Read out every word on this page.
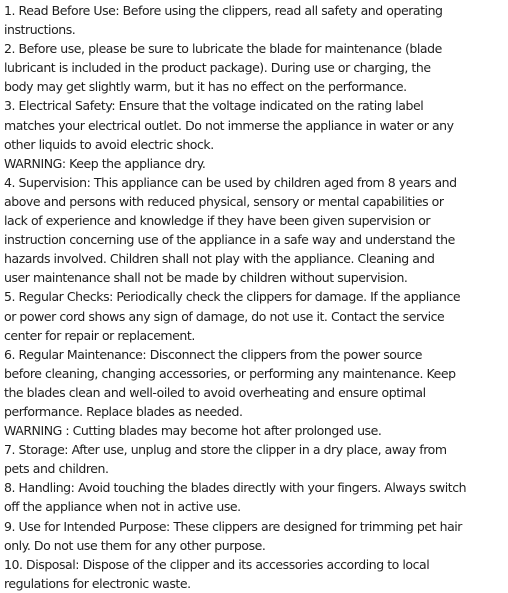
1. Read Before Use: Before using the clippers, read all safety and operating
instructions.
2. Before use, please be sure to lubricate the blade for maintenance (blade
lubricant is included in the product package). During use or charging, the
body may get slightly warm, but it has no effect on the performance.
3. Electrical Safety: Ensure that the voltage indicated on the rating label
matches your electrical outlet. Do not immerse the appliance in water or any
other liquids to avoid electric shock.
WARNING: Keep the appliance dry.
4. Supervision: This appliance can be used by children aged from 8 years and
above and persons with reduced physical, sensory or mental capabilities or
lack of experience and knowledge if they have been given supervision or
instruction concerning use of the appliance in a safe way and understand the
hazards involved. Children shall not play with the appliance. Cleaning and
user maintenance shall not be made by children without supervision.
5. Regular Checks: Periodically check the clippers for damage. If the appliance
or power cord shows any sign of damage, do not use it. Contact the service
center for repair or replacement.
6. Regular Maintenance: Disconnect the clippers from the power source
before cleaning, changing accessories, or performing any maintenance. Keep
the blades clean and well-oiled to avoid overheating and ensure optimal
performance. Replace blades as needed.
WARNING : Cutting blades may become hot after prolonged use.
7. Storage: After use, unplug and store the clipper in a dry place, away from
pets and children.
8. Handling: Avoid touching the blades directly with your fingers. Always switch
off the appliance when not in active use.
9. Use for Intended Purpose: These clippers are designed for trimming pet hair
only. Do not use them for any other purpose.
10. Disposal: Dispose of the clipper and its accessories according to local
regulations for electronic waste.
